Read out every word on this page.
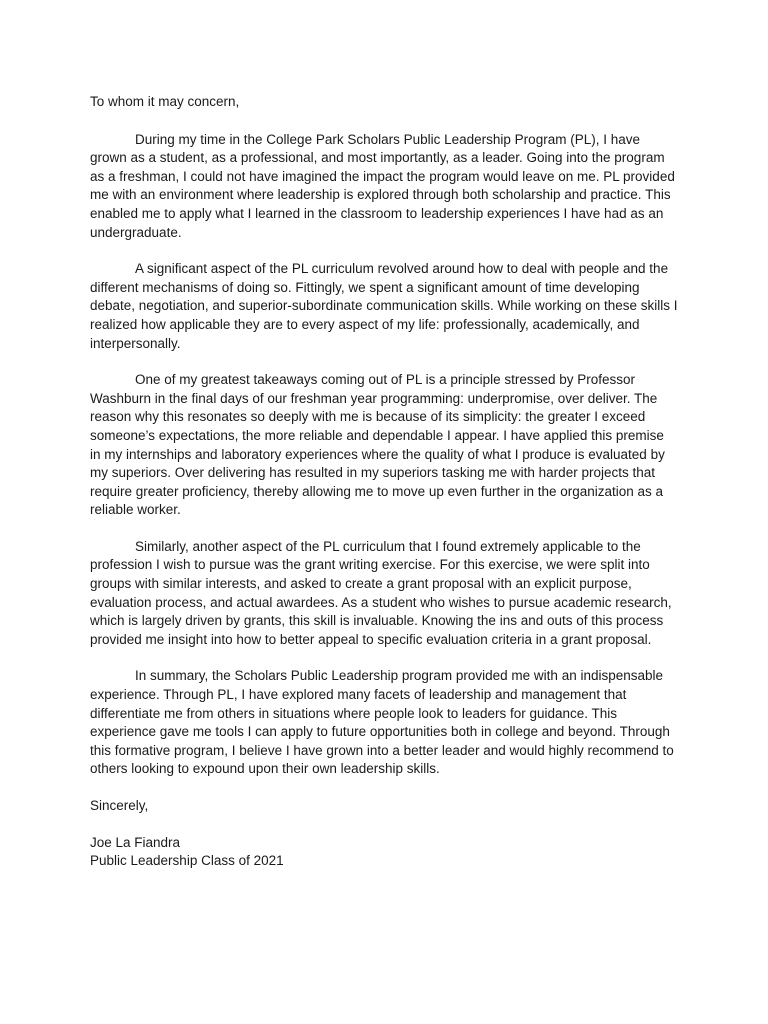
To whom it may concern,

During my time in the College Park Scholars Public Leadership Program (PL), I have grown as a student, as a professional, and most importantly, as a leader. Going into the program as a freshman, I could not have imagined the impact the program would leave on me. PL provided me with an environment where leadership is explored through both scholarship and practice. This enabled me to apply what I learned in the classroom to leadership experiences I have had as an undergraduate.

A significant aspect of the PL curriculum revolved around how to deal with people and the different mechanisms of doing so. Fittingly, we spent a significant amount of time developing debate, negotiation, and superior-subordinate communication skills. While working on these skills I realized how applicable they are to every aspect of my life: professionally, academically, and interpersonally.

One of my greatest takeaways coming out of PL is a principle stressed by Professor Washburn in the final days of our freshman year programming: underpromise, over deliver. The reason why this resonates so deeply with me is because of its simplicity: the greater I exceed someone’s expectations, the more reliable and dependable I appear. I have applied this premise in my internships and laboratory experiences where the quality of what I produce is evaluated by my superiors. Over delivering has resulted in my superiors tasking me with harder projects that require greater proficiency, thereby allowing me to move up even further in the organization as a reliable worker.

Similarly, another aspect of the PL curriculum that I found extremely applicable to the profession I wish to pursue was the grant writing exercise. For this exercise, we were split into groups with similar interests, and asked to create a grant proposal with an explicit purpose, evaluation process, and actual awardees. As a student who wishes to pursue academic research, which is largely driven by grants, this skill is invaluable. Knowing the ins and outs of this process provided me insight into how to better appeal to specific evaluation criteria in a grant proposal.

In summary, the Scholars Public Leadership program provided me with an indispensable experience. Through PL, I have explored many facets of leadership and management that differentiate me from others in situations where people look to leaders for guidance. This experience gave me tools I can apply to future opportunities both in college and beyond. Through this formative program, I believe I have grown into a better leader and would highly recommend to others looking to expound upon their own leadership skills.

Sincerely,

Joe La Fiandra

Public Leadership Class of 2021
